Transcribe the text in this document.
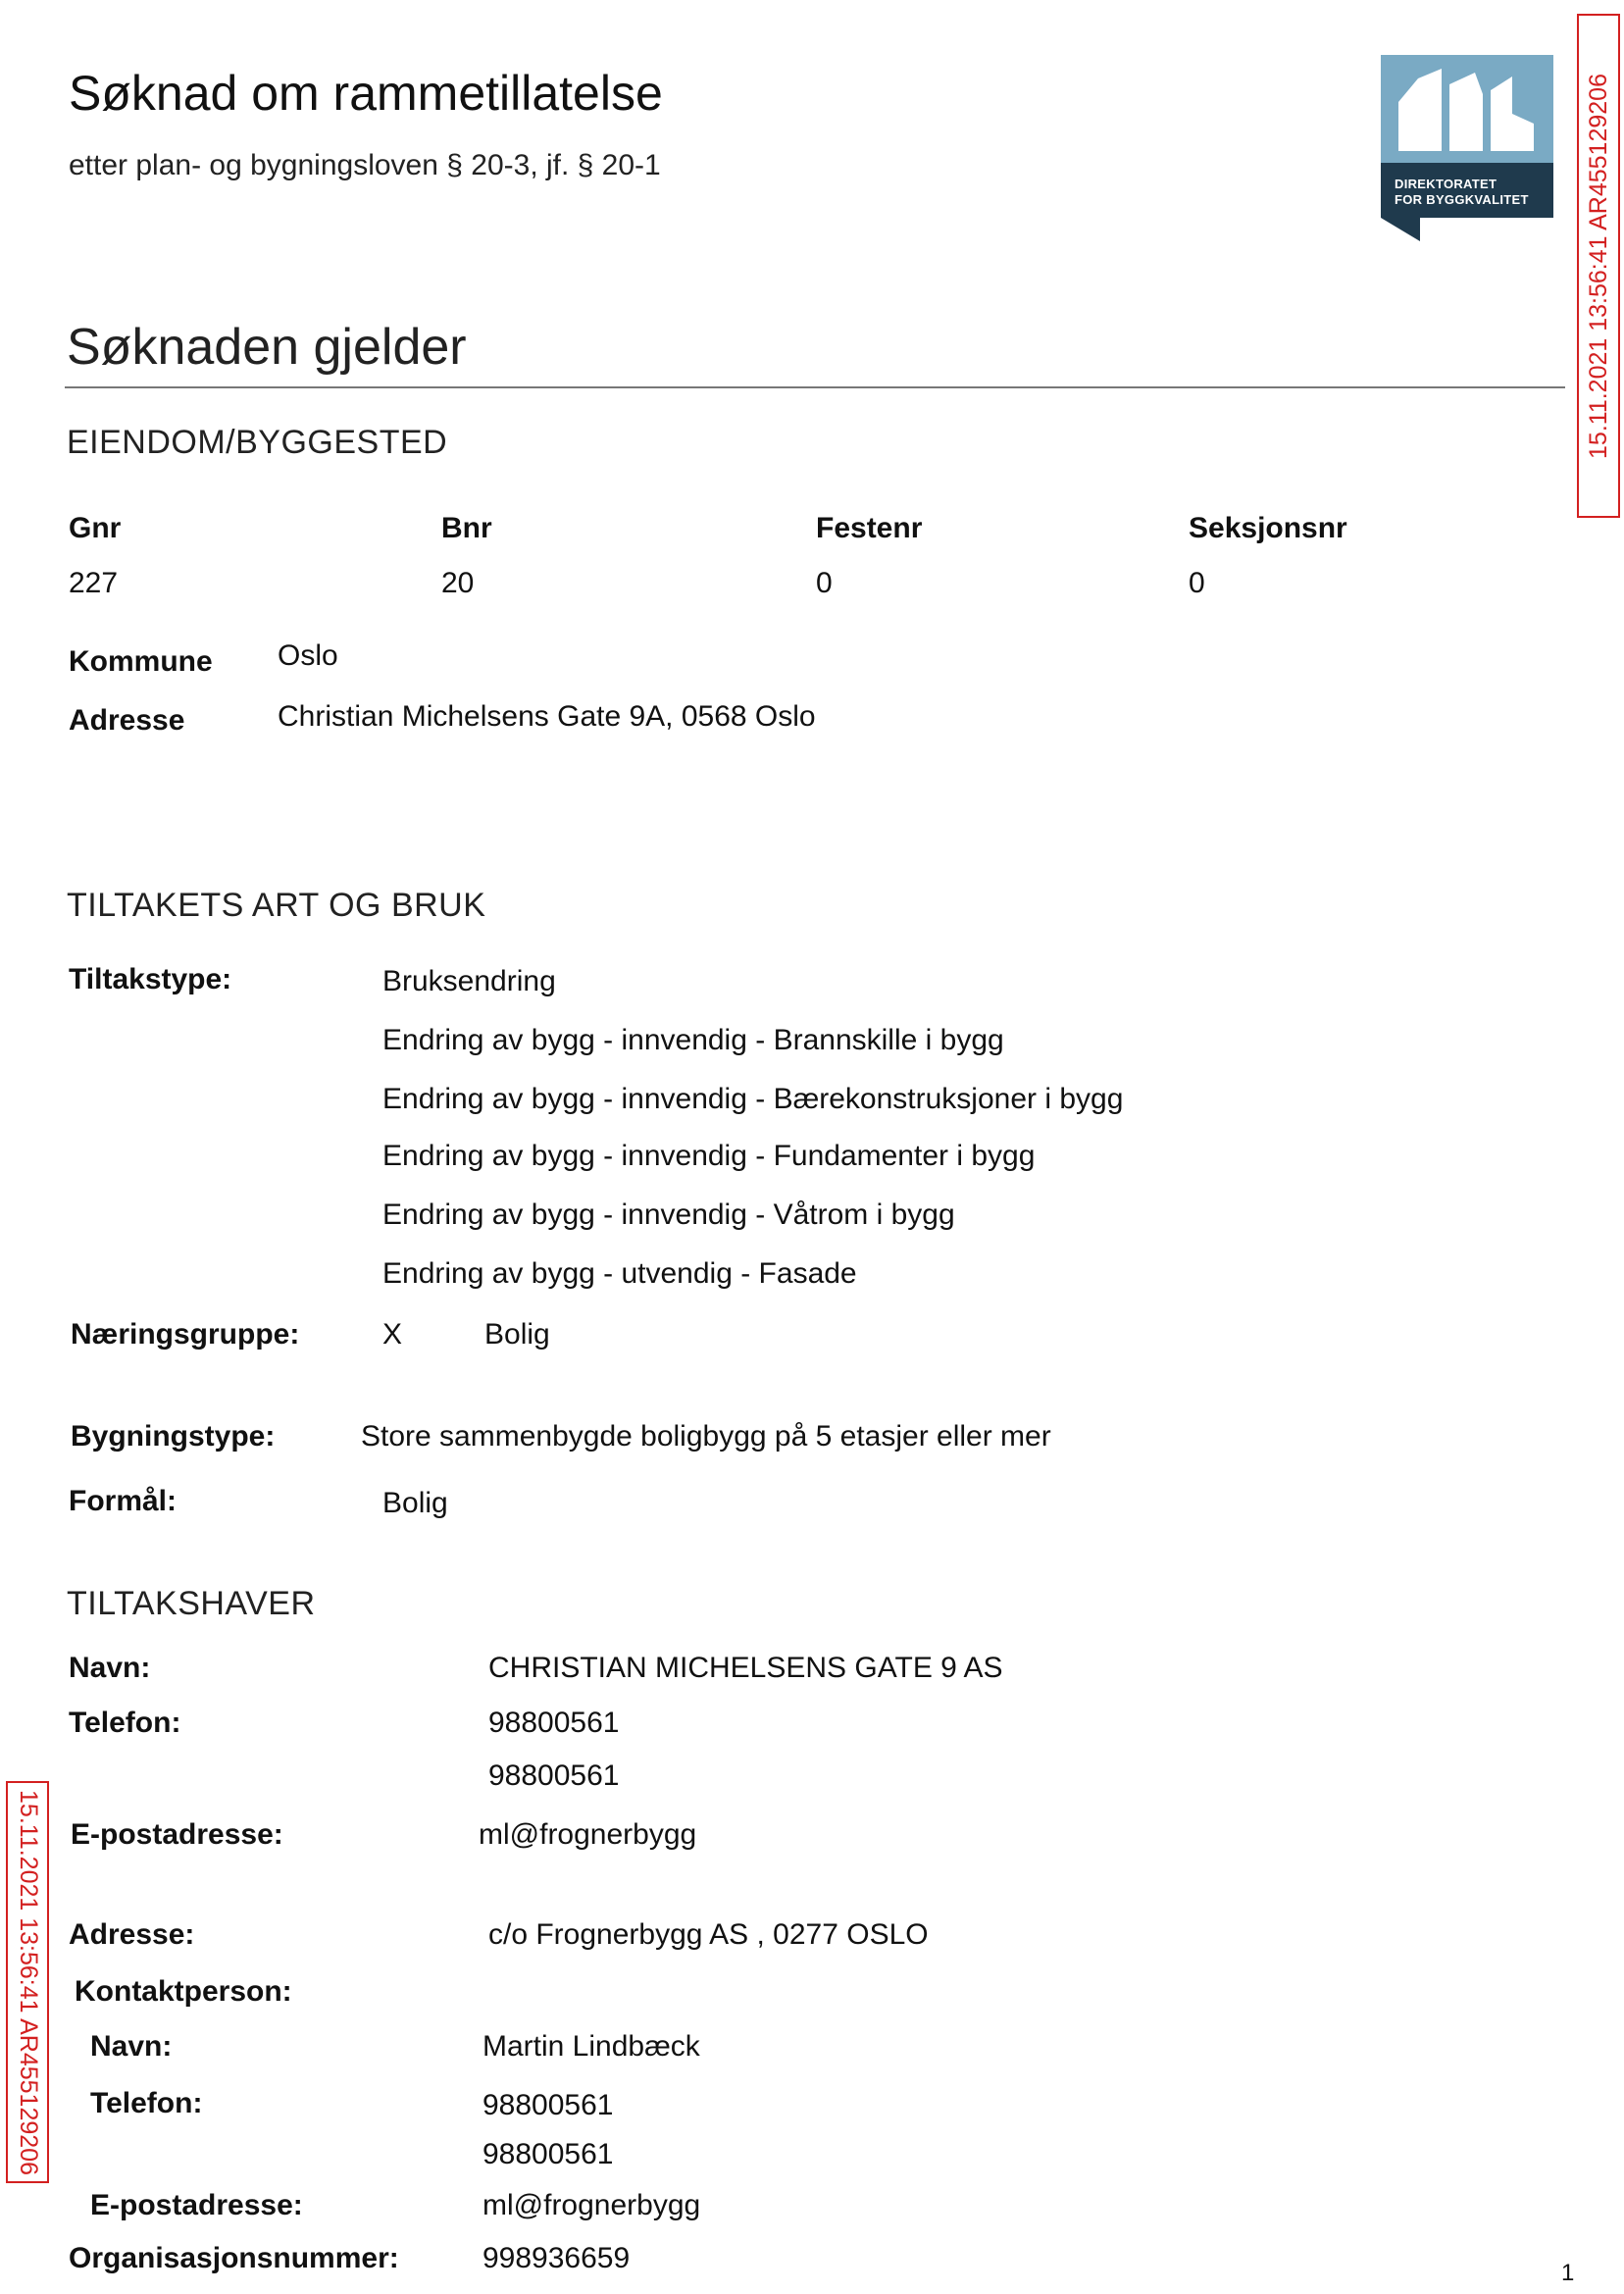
Søknad om rammetillatelse
etter plan- og bygningsloven § 20-3, jf. § 20-1
DIREKTORATET
FOR BYGGKVALITET 15.11.2021 13:56:41 AR455129206
15.11.2021 13:56:41 AR455129206
Søknaden gjelder
EIENDOM/BYGGESTED
Gnr	Bnr	Festenr	Seksjonsnr
227	20	0	0
Kommune Oslo
Adresse	Christian Michelsens Gate 9A, 0568 Oslo
TILTAKETS ART OG BRUK
Tiltakstype:	Bruksendring
Endring av bygg - innvendig - Brannskille i bygg
Endring av bygg - innvendig - Bærekonstruksjoner i bygg
Endring av bygg - innvendig - Fundamenter i bygg
Endring av bygg - innvendig - Våtrom i bygg
Endring av bygg - utvendig - Fasade
Næringsgruppe:	X	Bolig
Bygningstype:	Store sammenbygde boligbygg på 5 etasjer eller mer
Formål:	Bolig
TILTAKSHAVER
Navn:	CHRISTIAN MICHELSENS GATE 9 AS
Telefon:	98800561
98800561
E-postadresse:	ml@frognerbygg
Adresse:	c/o Frognerbygg AS , 0277 OSLO
Kontaktperson:
Navn:	Martin Lindbæck
Telefon:	98800561
98800561
E-postadresse:	ml@frognerbygg
Organisasjonsnummer:	998936659	1
